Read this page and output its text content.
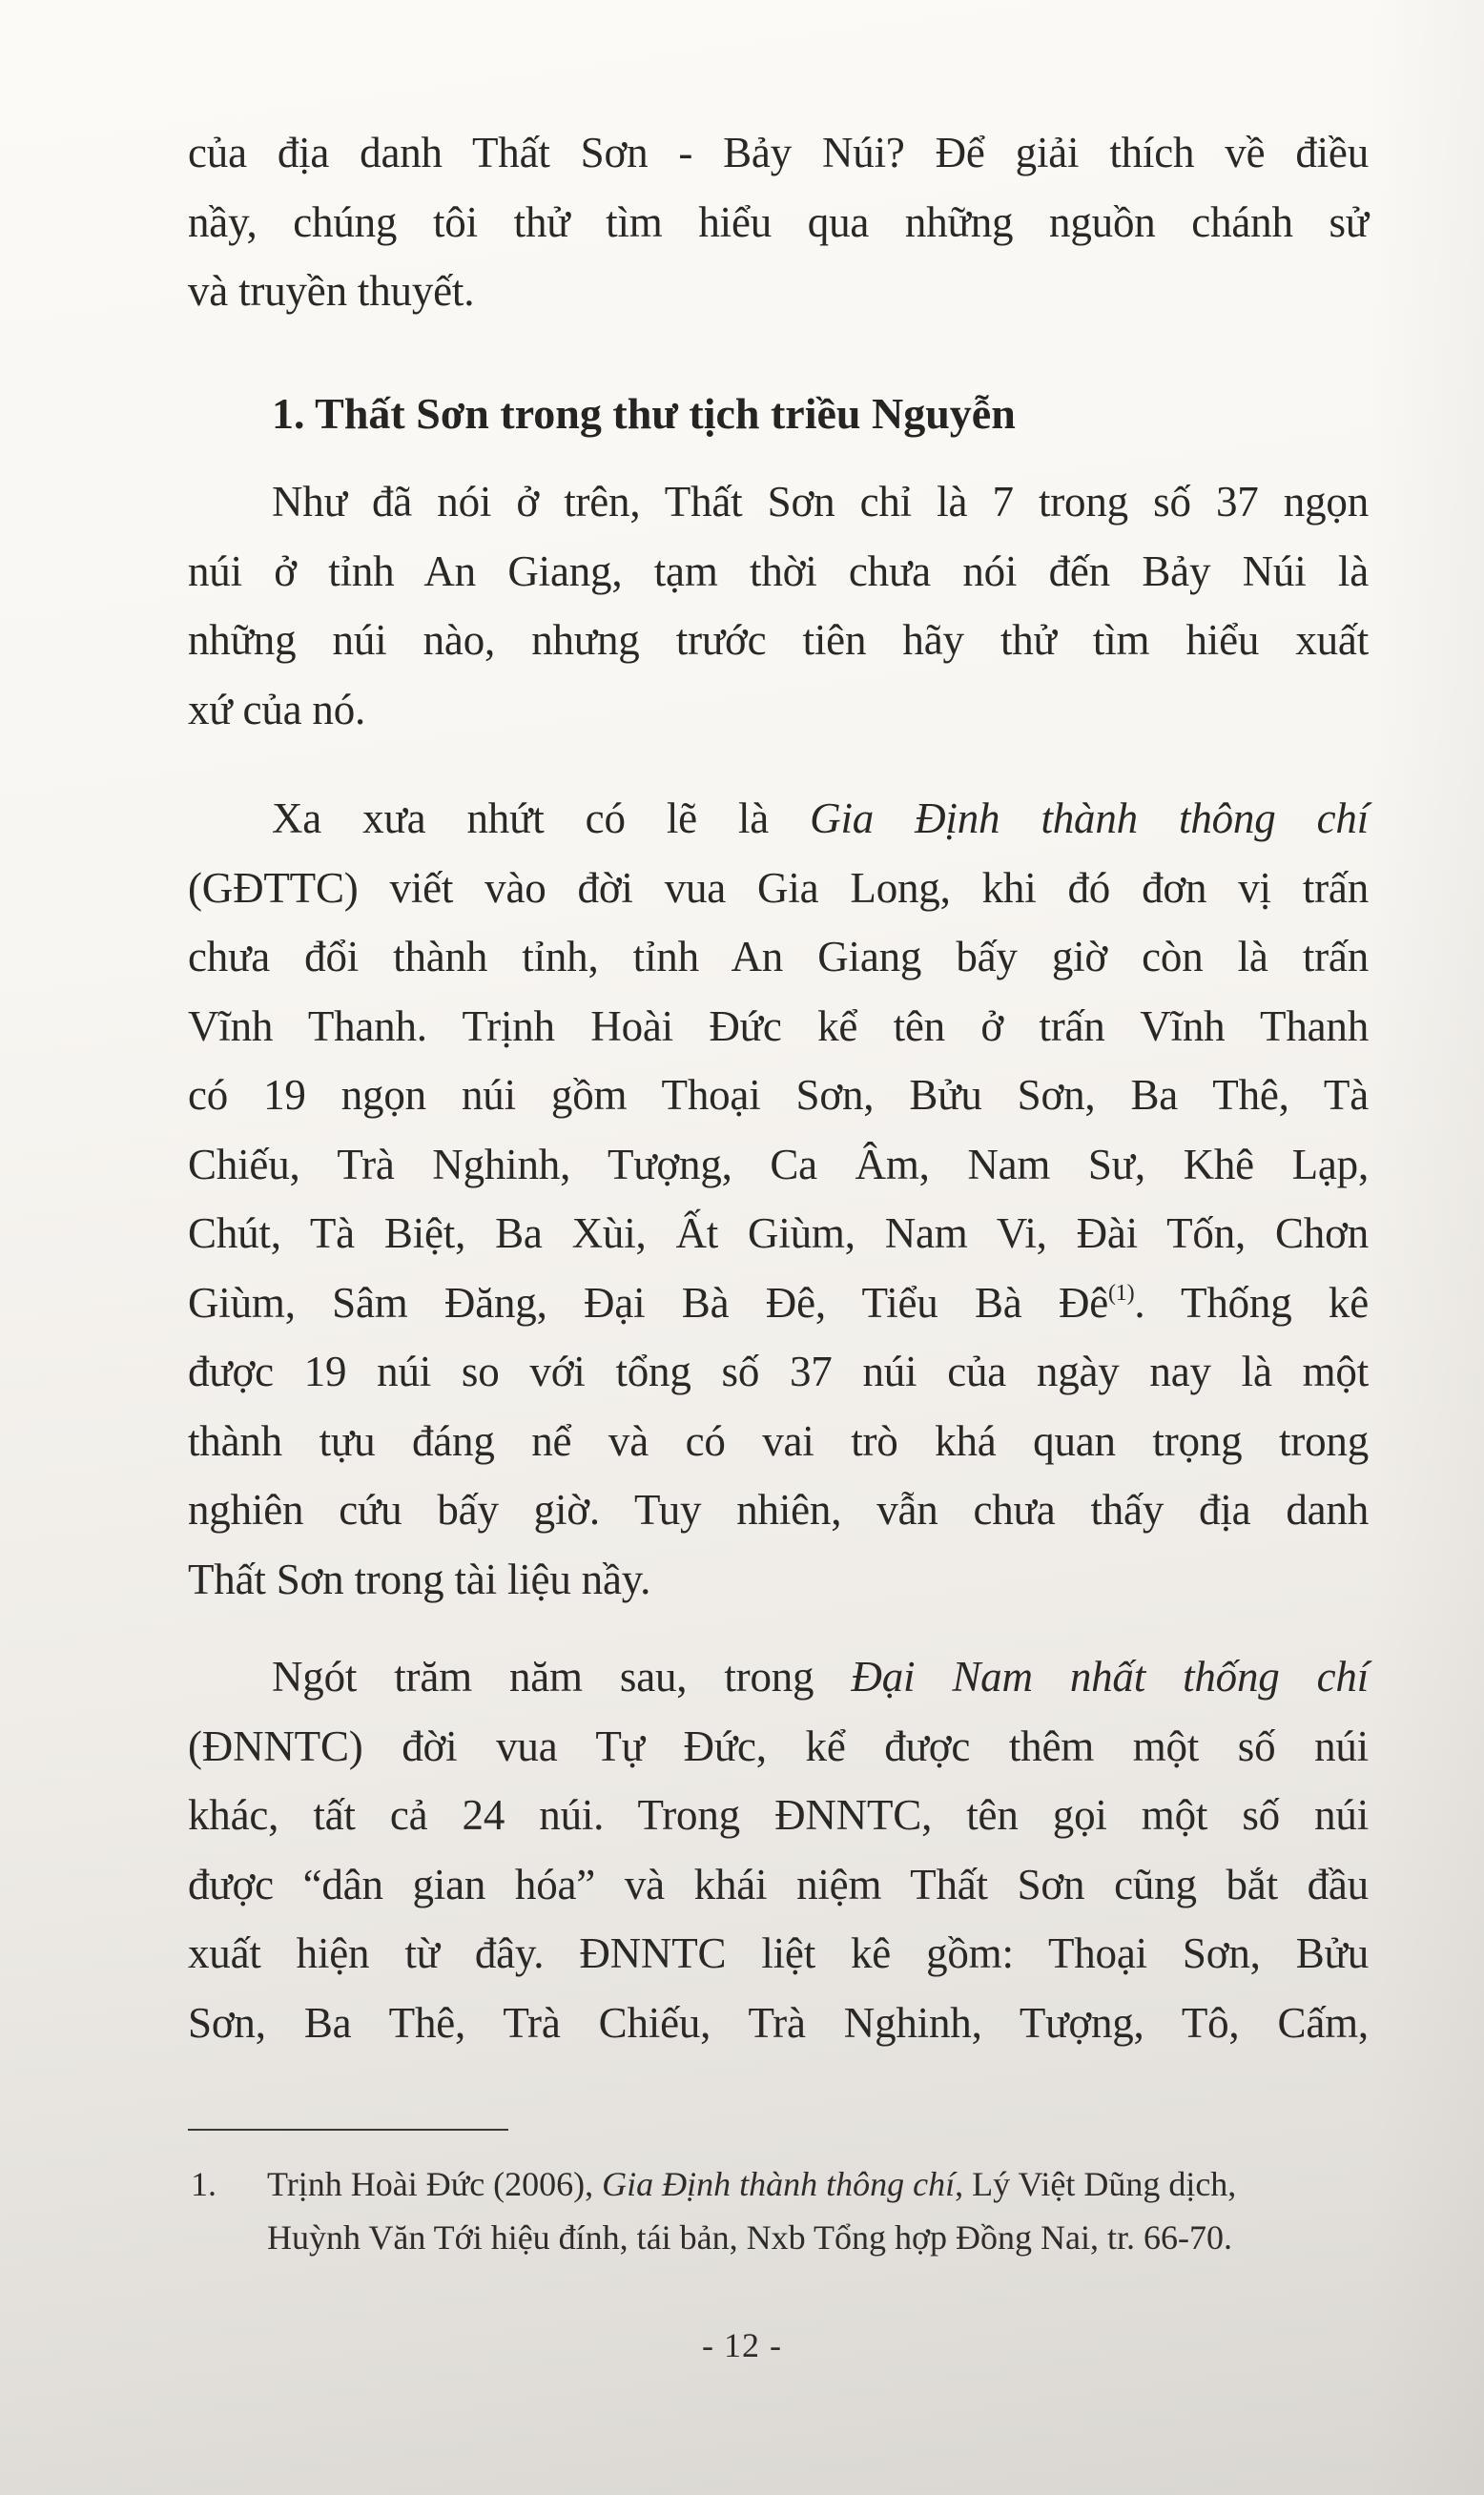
của địa danh Thất Sơn - Bảy Núi? Để giải thích về điều
nầy, chúng tôi thử tìm hiểu qua những nguồn chánh sử
và truyền thuyết.
1. Thất Sơn trong thư tịch triều Nguyễn
Như đã nói ở trên, Thất Sơn chỉ là 7 trong số 37 ngọn
núi ở tỉnh An Giang, tạm thời chưa nói đến Bảy Núi là
những núi nào, nhưng trước tiên hãy thử tìm hiểu xuất
xứ của nó.
Xa xưa nhứt có lẽ là Gia Định thành thông chí
(GĐTTC) viết vào đời vua Gia Long, khi đó đơn vị trấn
chưa đổi thành tỉnh, tỉnh An Giang bấy giờ còn là trấn
Vĩnh Thanh. Trịnh Hoài Đức kể tên ở trấn Vĩnh Thanh
có 19 ngọn núi gồm Thoại Sơn, Bửu Sơn, Ba Thê, Tà
Chiếu, Trà Nghinh, Tượng, Ca Âm, Nam Sư, Khê Lạp,
Chút, Tà Biệt, Ba Xùi, Ất Giùm, Nam Vi, Đài Tốn, Chơn
Giùm, Sâm Đăng, Đại Bà Đê, Tiểu Bà $Đê^{(1)}$. Thống kê
được 19 núi so với tổng số 37 núi của ngày nay là một
thành tựu đáng nể và có vai trò khá quan trọng trong
nghiên cứu bấy giờ. Tuy nhiên, vẫn chưa thấy địa danh
Thất Sơn trong tài liệu nầy.
Ngót trăm năm sau, trong Đại Nam nhất thống chí
(ĐNNTC) đời vua Tự Đức, kể được thêm một số núi
khác, tất cả 24 núi. Trong ĐNNTC, tên gọi một số núi
được “dân gian hóa” và khái niệm Thất Sơn cũng bắt đầu
xuất hiện từ đây. ĐNNTC liệt kê gồm: Thoại Sơn, Bửu
Sơn, Ba Thê, Trà Chiếu, Trà Nghinh, Tượng, Tô, Cấm,
1. Trịnh Hoài Đức (2006), Gia Định thành thông chí, Lý Việt Dũng dịch,
Huỳnh Văn Tới hiệu đính, tái bản, Nxb Tổng hợp Đồng Nai, tr. 66-70.
- 12 -
